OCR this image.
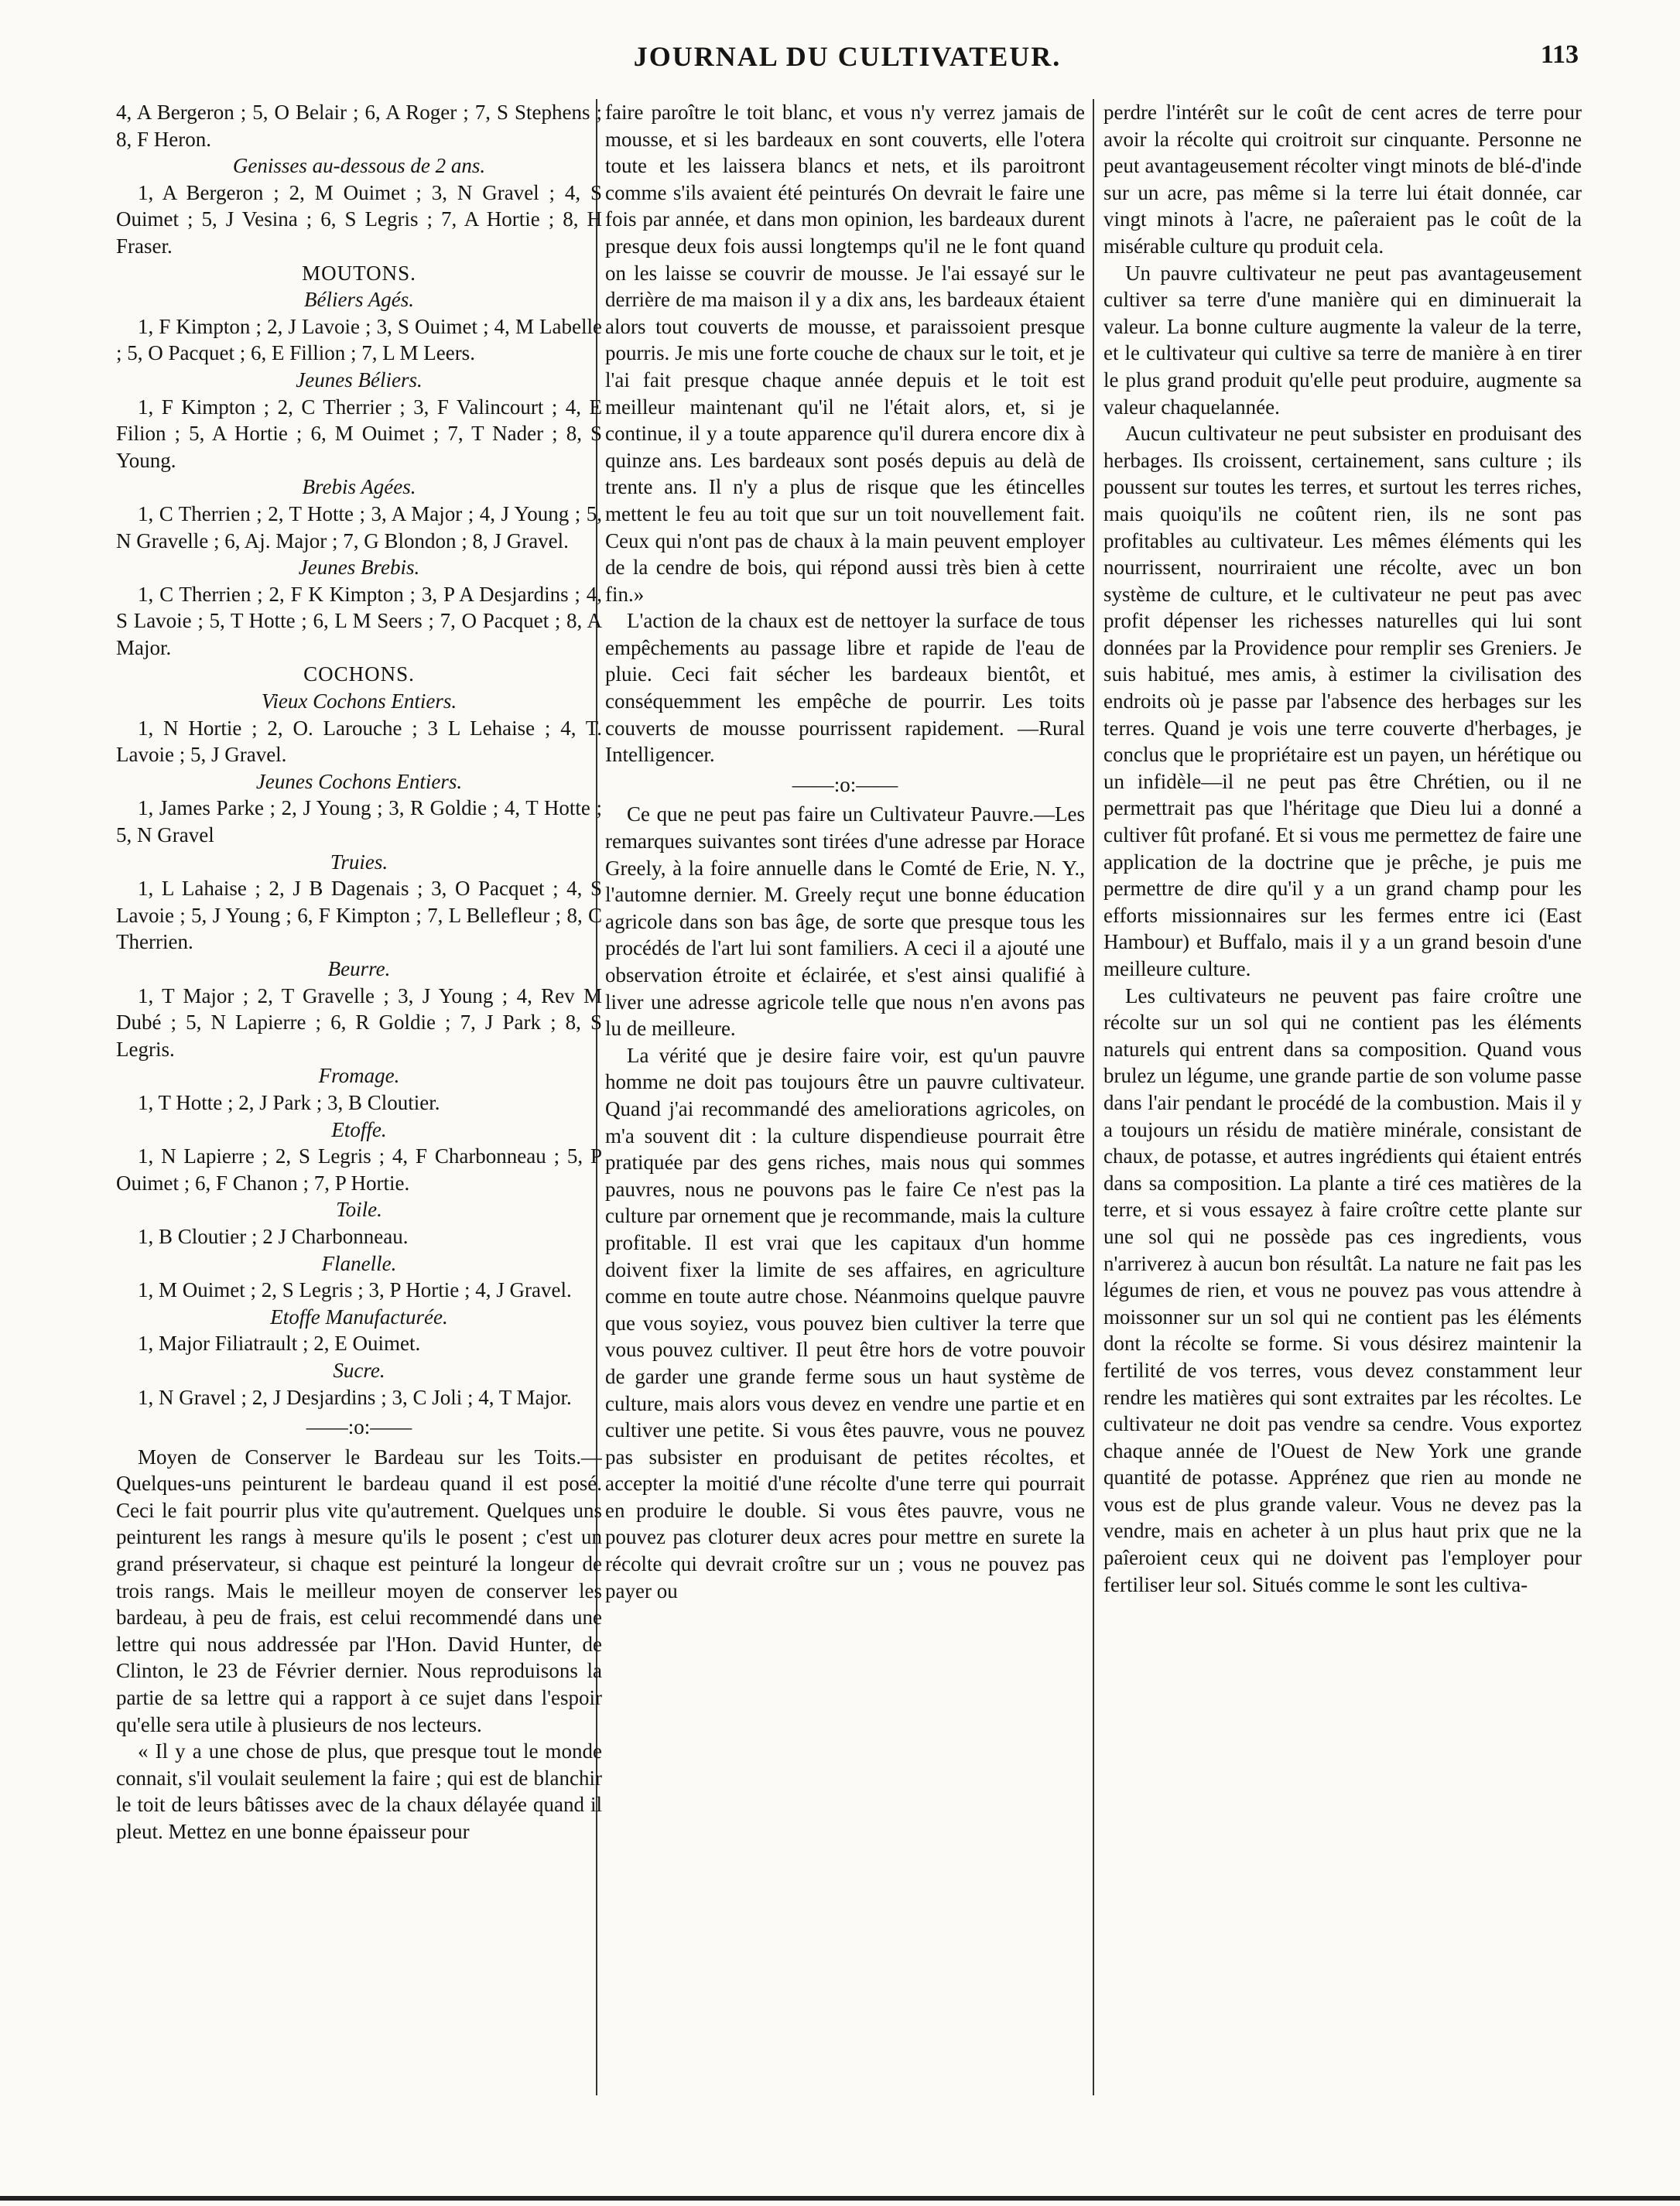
JOURNAL DU CULTIVATEUR.	113

4, A Bergeron ; 5, O Belair ; 6, A Roger ; 7, S Stephens ; 8, F Heron.

Genisses au-dessous de 2 ans.

1, A Bergeron ; 2, M Ouimet ; 3, N Gravel ; 4, S Ouimet ; 5, J Vesina ; 6, S Legris ; 7, A Hortie ; 8, H Fraser.

MOUTONS.

Béliers Agés.

1, F Kimpton ; 2, J Lavoie ; 3, S Ouimet ; 4, M Labelle ; 5, O Pacquet ; 6, E Fillion ; 7, L M Leers.

Jeunes Béliers.

1, F Kimpton ; 2, C Therrier ; 3, F Valincourt ; 4, E Filion ; 5, A Hortie ; 6, M Ouimet ; 7, T Nader ; 8, S Young.

Brebis Agées.

1, C Therrien ; 2, T Hotte ; 3, A Major ; 4, J Young ; 5, N Gravelle ; 6, Aj. Major ; 7, G Blondon ; 8, J Gravel.

Jeunes Brebis.

1, C Therrien ; 2, F K Kimpton ; 3, P A Desjardins ; 4, S Lavoie ; 5, T Hotte ; 6, L M Seers ; 7, O Pacquet ; 8, A Major.

COCHONS.

Vieux Cochons Entiers.

1, N Hortie ; 2, O. Larouche ; 3 L Lehaise ; 4, T. Lavoie ; 5, J Gravel.

Jeunes Cochons Entiers.

1, James Parke ; 2, J Young ; 3, R Goldie ; 4, T Hotte ; 5, N Gravel

Truies.

1, L Lahaise ; 2, J B Dagenais ; 3, O Pacquet ; 4, S Lavoie ; 5, J Young ; 6, F Kimpton ; 7, L Bellefleur ; 8, C Therrien.

Beurre.

1, T Major ; 2, T Gravelle ; 3, J Young ; 4, Rev M Dubé ; 5, N Lapierre ; 6, R Goldie ; 7, J Park ; 8, S Legris.

Fromage.

1, T Hotte ; 2, J Park ; 3, B Cloutier.

Etoffe.

1, N Lapierre ; 2, S Legris ; 4, F Charbonneau ; 5, P Ouimet ; 6, F Chanon ; 7, P Hortie.

Toile.

1, B Cloutier ; 2 J Charbonneau.

Flanelle.

1, M Ouimet ; 2, S Legris ; 3, P Hortie ; 4, J Gravel.

Etoffe Manufacturée.

1, Major Filiatrault ; 2, E Ouimet.

Sucre.

1, N Gravel ; 2, J Desjardins ; 3, C Joli ; 4, T Major.

——:o:——

Moyen de Conserver le Bardeau sur les Toits.—Quelques-uns peinturent le bardeau quand il est posé. Ceci le fait pourrir plus vite qu'autrement. Quelques uns peinturent les rangs à mesure qu'ils le posent ; c'est un grand préservateur, si chaque est peinturé la longeur de trois rangs. Mais le meilleur moyen de conserver les bardeau, à peu de frais, est celui recommendé dans une lettre qui nous addressée par l'Hon. David Hunter, de Clinton, le 23 de Février dernier. Nous reproduisons la partie de sa lettre qui a rapport à ce sujet dans l'espoir qu'elle sera utile à plusieurs de nos lecteurs.

« Il y a une chose de plus, que presque tout le monde connait, s'il voulait seulement la faire ; qui est de blanchir le toit de leurs bâtisses avec de la chaux délayée quand il pleut. Mettez en une bonne épaisseur pour

faire paroître le toit blanc, et vous n'y verrez jamais de mousse, et si les bardeaux en sont couverts, elle l'otera toute et les laissera blancs et nets, et ils paroitront comme s'ils avaient été peinturés On devrait le faire une fois par année, et dans mon opinion, les bardeaux durent presque deux fois aussi longtemps qu'il ne le font quand on les laisse se couvrir de mousse. Je l'ai essayé sur le derrière de ma maison il y a dix ans, les bardeaux étaient alors tout couverts de mousse, et paraissoient presque pourris. Je mis une forte couche de chaux sur le toit, et je l'ai fait presque chaque année depuis et le toit est meilleur maintenant qu'il ne l'était alors, et, si je continue, il y a toute apparence qu'il durera encore dix à quinze ans. Les bardeaux sont posés depuis au delà de trente ans. Il n'y a plus de risque que les étincelles mettent le feu au toit que sur un toit nouvellement fait. Ceux qui n'ont pas de chaux à la main peuvent employer de la cendre de bois, qui répond aussi très bien à cette fin.»

L'action de la chaux est de nettoyer la surface de tous empêchements au passage libre et rapide de l'eau de pluie. Ceci fait sécher les bardeaux bientôt, et conséquemment les empêche de pourrir. Les toits couverts de mousse pourrissent rapidement. —Rural Intelligencer.

——:o:——

Ce que ne peut pas faire un Cultivateur Pauvre.—Les remarques suivantes sont tirées d'une adresse par Horace Greely, à la foire annuelle dans le Comté de Erie, N. Y., l'automne dernier. M. Greely reçut une bonne éducation agricole dans son bas âge, de sorte que presque tous les procédés de l'art lui sont familiers. A ceci il a ajouté une observation étroite et éclairée, et s'est ainsi qualifié à liver une adresse agricole telle que nous n'en avons pas lu de meilleure.

La vérité que je desire faire voir, est qu'un pauvre homme ne doit pas toujours être un pauvre cultivateur. Quand j'ai recommandé des ameliorations agricoles, on m'a souvent dit : la culture dispendieuse pourrait être pratiquée par des gens riches, mais nous qui sommes pauvres, nous ne pouvons pas le faire Ce n'est pas la culture par ornement que je recommande, mais la culture profitable. Il est vrai que les capitaux d'un homme doivent fixer la limite de ses affaires, en agriculture comme en toute autre chose. Néanmoins quelque pauvre que vous soyiez, vous pouvez bien cultiver la terre que vous pouvez cultiver. Il peut être hors de votre pouvoir de garder une grande ferme sous un haut système de culture, mais alors vous devez en vendre une partie et en cultiver une petite. Si vous êtes pauvre, vous ne pouvez pas subsister en produisant de petites récoltes, et accepter la moitié d'une récolte d'une terre qui pourrait en produire le double. Si vous êtes pauvre, vous ne pouvez pas cloturer deux acres pour mettre en surete la récolte qui devrait croître sur un ; vous ne pouvez pas payer ou

perdre l'intérêt sur le coût de cent acres de terre pour avoir la récolte qui croitroit sur cinquante. Personne ne peut avantageusement récolter vingt minots de blé-d'inde sur un acre, pas même si la terre lui était donnée, car vingt minots à l'acre, ne paîeraient pas le coût de la misérable culture qu produit cela.

Un pauvre cultivateur ne peut pas avantageusement cultiver sa terre d'une manière qui en diminuerait la valeur. La bonne culture augmente la valeur de la terre, et le cultivateur qui cultive sa terre de manière à en tirer le plus grand produit qu'elle peut produire, augmente sa valeur chaquelannée.

Aucun cultivateur ne peut subsister en produisant des herbages. Ils croissent, certainement, sans culture ; ils poussent sur toutes les terres, et surtout les terres riches, mais quoiqu'ils ne coûtent rien, ils ne sont pas profitables au cultivateur. Les mêmes éléments qui les nourrissent, nourriraient une récolte, avec un bon système de culture, et le cultivateur ne peut pas avec profit dépenser les richesses naturelles qui lui sont données par la Providence pour remplir ses Greniers. Je suis habitué, mes amis, à estimer la civilisation des endroits où je passe par l'absence des herbages sur les terres. Quand je vois une terre couverte d'herbages, je conclus que le propriétaire est un payen, un hérétique ou un infidèle—il ne peut pas être Chrétien, ou il ne permettrait pas que l'héritage que Dieu lui a donné a cultiver fût profané. Et si vous me permettez de faire une application de la doctrine que je prêche, je puis me permettre de dire qu'il y a un grand champ pour les efforts missionnaires sur les fermes entre ici (East Hambour) et Buffalo, mais il y a un grand besoin d'une meilleure culture.

Les cultivateurs ne peuvent pas faire croître une récolte sur un sol qui ne contient pas les éléments naturels qui entrent dans sa composition. Quand vous brulez un légume, une grande partie de son volume passe dans l'air pendant le procédé de la combustion. Mais il y a toujours un résidu de matière minérale, consistant de chaux, de potasse, et autres ingrédients qui étaient entrés dans sa composition. La plante a tiré ces matières de la terre, et si vous essayez à faire croître cette plante sur une sol qui ne possède pas ces ingredients, vous n'arriverez à aucun bon résultât. La nature ne fait pas les légumes de rien, et vous ne pouvez pas vous attendre à moissonner sur un sol qui ne contient pas les éléments dont la récolte se forme. Si vous désirez maintenir la fertilité de vos terres, vous devez constamment leur rendre les matières qui sont extraites par les récoltes. Le cultivateur ne doit pas vendre sa cendre. Vous exportez chaque année de l'Ouest de New York une grande quantité de potasse. Apprénez que rien au monde ne vous est de plus grande valeur. Vous ne devez pas la vendre, mais en acheter à un plus haut prix que ne la paîeroient ceux qui ne doivent pas l'employer pour fertiliser leur sol. Situés comme le sont les cultiva-
